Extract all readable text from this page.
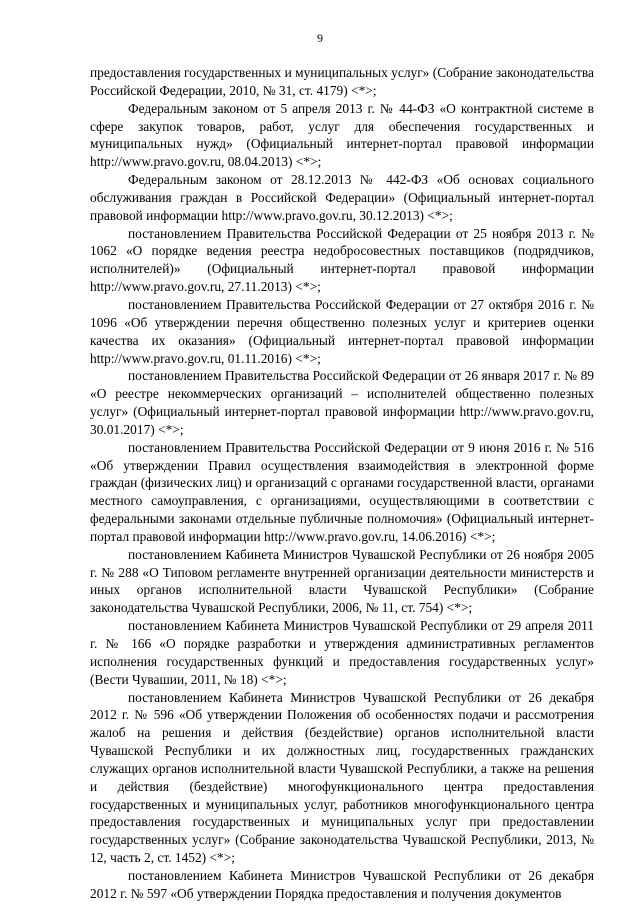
9

предоставления государственных и муниципальных услуг» (Собрание законодательства Российской Федерации, 2010, № 31, ст. 4179) <*>;

Федеральным законом от 5 апреля 2013 г. № 44-ФЗ «О контрактной системе в сфере закупок товаров, работ, услуг для обеспечения государственных и муниципальных нужд» (Официальный интернет-портал правовой информации http://www.pravo.gov.ru, 08.04.2013) <*>;

Федеральным законом от 28.12.2013 № 442-ФЗ «Об основах социального обслуживания граждан в Российской Федерации» (Официальный интернет-портал правовой информации http://www.pravo.gov.ru, 30.12.2013) <*>;

постановлением Правительства Российской Федерации от 25 ноября 2013 г. № 1062 «О порядке ведения реестра недобросовестных поставщиков (подрядчиков, исполнителей)» (Официальный интернет-портал правовой информации http://www.pravo.gov.ru, 27.11.2013) <*>;

постановлением Правительства Российской Федерации от 27 октября 2016 г. № 1096 «Об утверждении перечня общественно полезных услуг и критериев оценки качества их оказания» (Официальный интернет-портал правовой информации http://www.pravo.gov.ru, 01.11.2016) <*>;

постановлением Правительства Российской Федерации от 26 января 2017 г. № 89 «О реестре некоммерческих организаций – исполнителей общественно полезных услуг» (Официальный интернет-портал правовой информации http://www.pravo.gov.ru, 30.01.2017) <*>;

постановлением Правительства Российской Федерации от 9 июня 2016 г. № 516 «Об утверждении Правил осуществления взаимодействия в электронной форме граждан (физических лиц) и организаций с органами государственной власти, органами местного самоуправления, с организациями, осуществляющими в соответствии с федеральными законами отдельные публичные полномочия» (Официальный интернет-портал правовой информации http://www.pravo.gov.ru, 14.06.2016) <*>;

постановлением Кабинета Министров Чувашской Республики от 26 ноября 2005 г. № 288 «О Типовом регламенте внутренней организации деятельности министерств и иных органов исполнительной власти Чувашской Республики» (Собрание законодательства Чувашской Республики, 2006, № 11, ст. 754) <*>;

постановлением Кабинета Министров Чувашской Республики от 29 апреля 2011 г. № 166 «О порядке разработки и утверждения административных регламентов исполнения государственных функций и предоставления государственных услуг» (Вести Чувашии, 2011, № 18) <*>;

постановлением Кабинета Министров Чувашской Республики от 26 декабря 2012 г. № 596 «Об утверждении Положения об особенностях подачи и рассмотрения жалоб на решения и действия (бездействие) органов исполнительной власти Чувашской Республики и их должностных лиц, государственных гражданских служащих органов исполнительной власти Чувашской Республики, а также на решения и действия (бездействие) многофункционального центра предоставления государственных и муниципальных услуг, работников многофункционального центра предоставления государственных и муниципальных услуг при предоставлении государственных услуг» (Собрание законодательства Чувашской Республики, 2013, № 12, часть 2, ст. 1452) <*>;

постановлением Кабинета Министров Чувашской Республики от 26 декабря 2012 г. № 597 «Об утверждении Порядка предоставления и получения документов
